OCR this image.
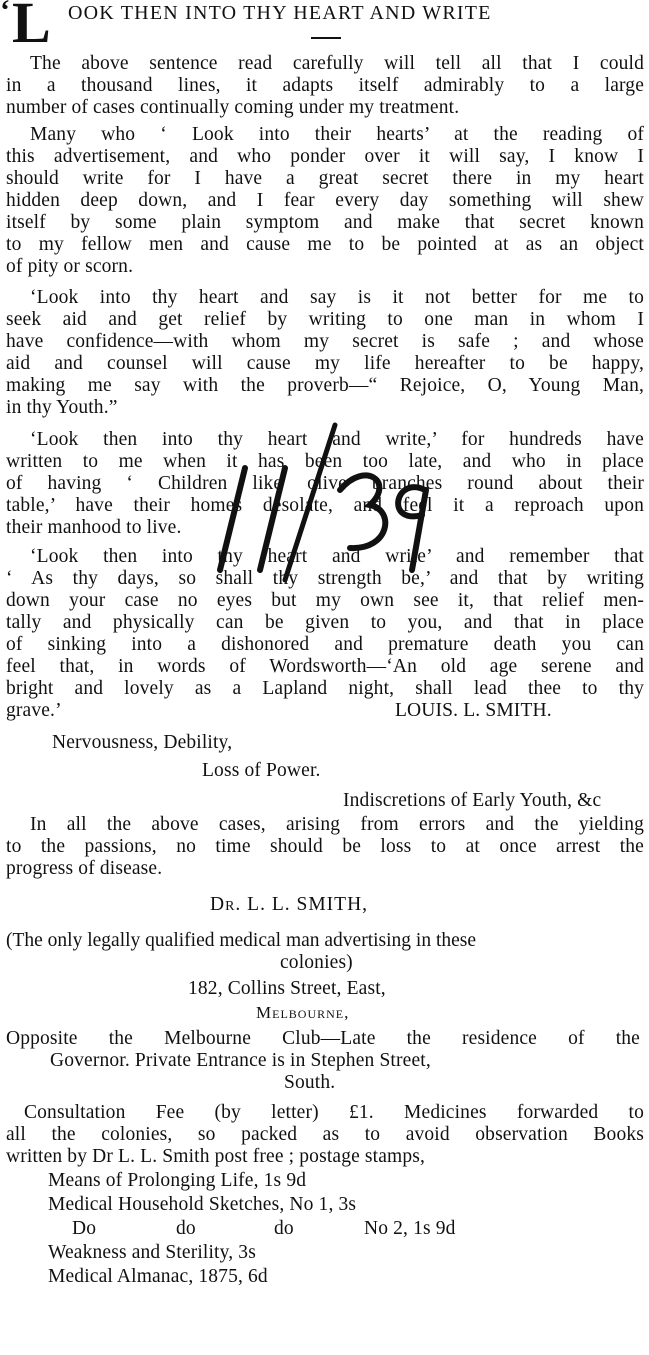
‘ L OOK THEN INTO THY HEART AND WRITE
The above sentence read carefully will tell all that I could
in a thousand lines, it adapts itself admirably to a large
number of cases continually coming under my treatment.
Many who ‘ Look into their hearts’ at the reading of
this advertisement, and who ponder over it will say, I know I
should write for I have a great secret there in my heart
hidden deep down, and I fear every day something will shew
itself by some plain symptom and make that secret known
to my fellow men and cause me to be pointed at as an object
of pity or scorn.
‘Look into thy heart and say is it not better for me to
seek aid and get relief by writing to one man in whom I
have confidence—with whom my secret is safe ; and whose
aid and counsel will cause my life hereafter to be happy,
making me say with the proverb—“ Rejoice, O, Young Man,
in thy Youth.”
‘Look then into thy heart and write,’ for hundreds have
written to me when it has been too late, and who in place
of having ‘ Children like olive branches round about their
table,’ have their homes desolate, and feel it a reproach upon
their manhood to live.
‘Look then into thy heart and write’ and remember that
‘ As thy days, so shall thy strength be,’ and that by writing
down your case no eyes but my own see it, that relief men-
tally and physically can be given to you, and that in place
of sinking into a dishonored and premature death you can
feel that, in words of Wordsworth—‘An old age serene and
bright and lovely as a Lapland night, shall lead thee to thy
grave.’	LOUIS. L. SMITH.
Nervousness, Debility,
Loss of Power.
Indiscretions of Early Youth, &c
In all the above cases, arising from errors and the yielding
to the passions, no time should be loss to at once arrest the
progress of disease.
Dr. L. L. SMITH,
(The only legally qualified medical man advertising in these
colonies)
182, Collins Street, East,
Melbourne,
Opposite the Melbourne Club—Late the residence of the
Governor. Private Entrance is in Stephen Street,
South.
Consultation Fee (by letter) £1. Medicines forwarded to
all the colonies, so packed as to avoid observation Books
written by Dr L. L. Smith post free ; postage stamps,
Means of Prolonging Life, 1s 9d
Medical Household Sketches, No 1, 3s
Do	do	do	No 2, 1s 9d
Weakness and Sterility, 3s
Medical Almanac, 1875, 6d
